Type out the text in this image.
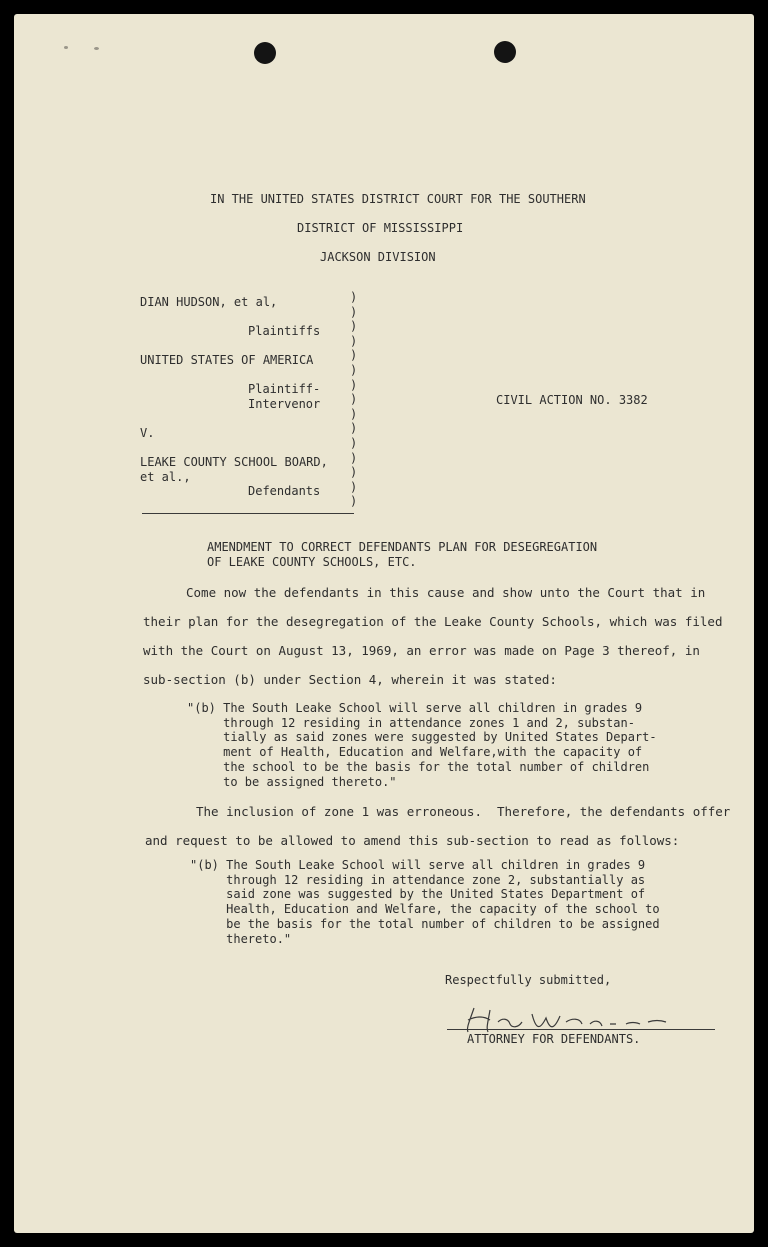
IN THE UNITED STATES DISTRICT COURT FOR THE SOUTHERN
DISTRICT OF MISSISSIPPI
JACKSON DIVISION
DIAN HUDSON, et al,
Plaintiffs
UNITED STATES OF AMERICA
Plaintiff-
Intervenor
V.
LEAKE COUNTY SCHOOL BOARD,
et al.,
Defendants
CIVIL ACTION NO. 3382
)
)
)
)
)
)
)
)
)
)
)
)
)
)
)
AMENDMENT TO CORRECT DEFENDANTS PLAN FOR DESEGREGATION
OF LEAKE COUNTY SCHOOLS, ETC.
Come now the defendants in this cause and show unto the Court that in
their plan for the desegregation of the Leake County Schools, which was filed
with the Court on August 13, 1969, an error was made on Page 3 thereof, in
sub-section (b) under Section 4, wherein it was stated:
"(b) The South Leake School will serve all children in grades 9
through 12 residing in attendance zones 1 and 2, substan-
tially as said zones were suggested by United States Depart-
ment of Health, Education and Welfare,with the capacity of
the school to be the basis for the total number of children
to be assigned thereto."
The inclusion of zone 1 was erroneous.  Therefore, the defendants offer
and request to be allowed to amend this sub-section to read as follows:
"(b) The South Leake School will serve all children in grades 9
through 12 residing in attendance zone 2, substantially as
said zone was suggested by the United States Department of
Health, Education and Welfare, the capacity of the school to
be the basis for the total number of children to be assigned
thereto."
Respectfully submitted,
ATTORNEY FOR DEFENDANTS.
